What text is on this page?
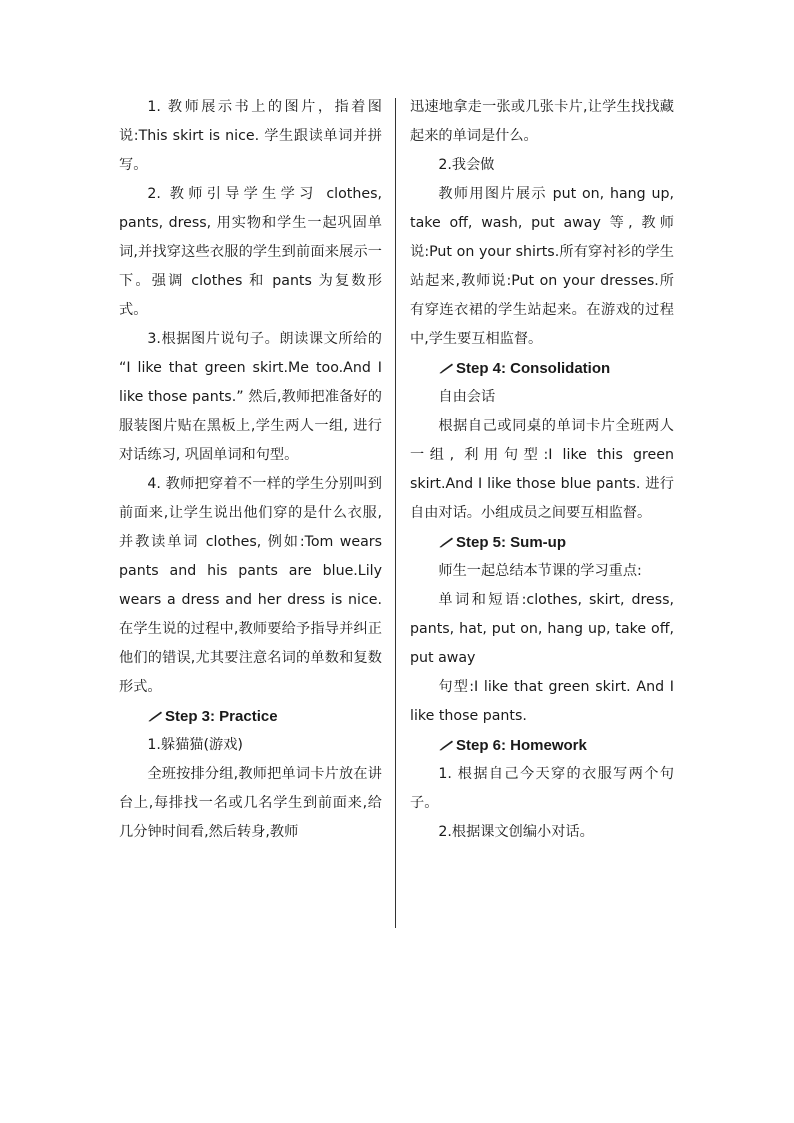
1. 教师展示书上的图片，指着图说:This skirt is nice. 学生跟读单词并拼写。

2. 教师引导学生学习 clothes, pants, dress, 用实物和学生一起巩固单词,并找穿这些衣服的学生到前面来展示一下。强调 clothes 和 pants 为复数形式。

3.根据图片说句子。朗读课文所给的 “I like that green skirt.Me too.And I like those pants.” 然后,教师把准备好的服装图片贴在黑板上,学生两人一组, 进行对话练习, 巩固单词和句型。

4. 教师把穿着不一样的学生分别叫到前面来,让学生说出他们穿的是什么衣服,并教读单词 clothes, 例如:Tom wears pants and his pants are blue.Lily wears a dress and her dress is nice.在学生说的过程中,教师要给予指导并纠正他们的错误,尤其要注意名词的单数和复数形式。

Step 3: Practice

1.躲猫猫(游戏)

全班按排分组,教师把单词卡片放在讲台上,每排找一名或几名学生到前面来,给几分钟时间看,然后转身,教师

迅速地拿走一张或几张卡片,让学生找找藏起来的单词是什么。

2.我会做

教师用图片展示 put on, hang up, take off, wash, put away 等, 教师说:Put on your shirts.所有穿衬衫的学生站起来,教师说:Put on your dresses.所有穿连衣裙的学生站起来。在游戏的过程中,学生要互相监督。

Step 4: Consolidation

自由会话

根据自己或同桌的单词卡片全班两人一组, 利用句型:I like this green skirt.And I like those blue pants. 进行自由对话。小组成员之间要互相监督。

Step 5: Sum-up

师生一起总结本节课的学习重点:

单词和短语:clothes, skirt, dress, pants, hat, put on, hang up, take off, put away

句型:I like that green skirt. And I like those pants.

Step 6: Homework

1. 根据自己今天穿的衣服写两个句子。

2.根据课文创编小对话。
